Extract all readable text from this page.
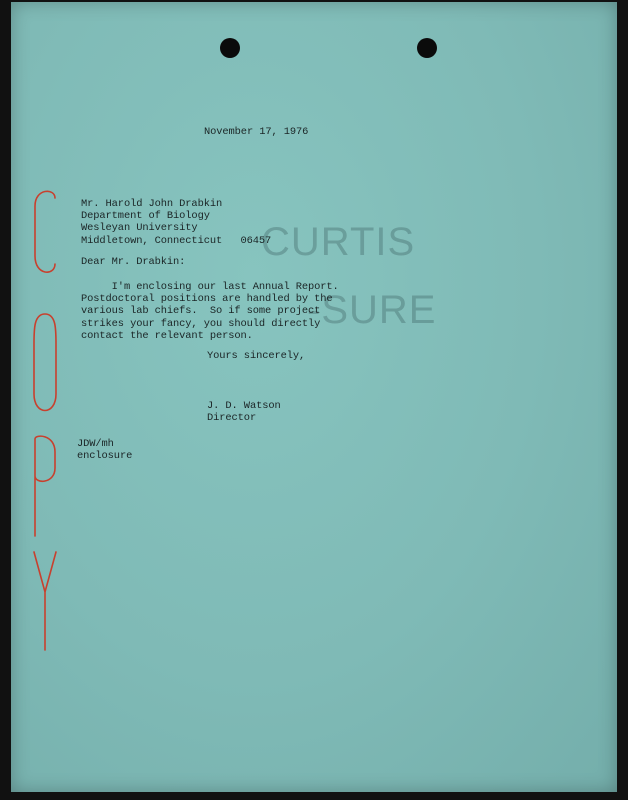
CURTIS
-SURE
November 17, 1976
Mr. Harold John Drabkin
Department of Biology
Wesleyan University
Middletown, Connecticut   06457
Dear Mr. Drabkin:
I'm enclosing our last Annual Report.
Postdoctoral positions are handled by the
various lab chiefs.  So if some project
strikes your fancy, you should directly
contact the relevant person.
Yours sincerely,
J. D. Watson
Director
JDW/mh
enclosure
